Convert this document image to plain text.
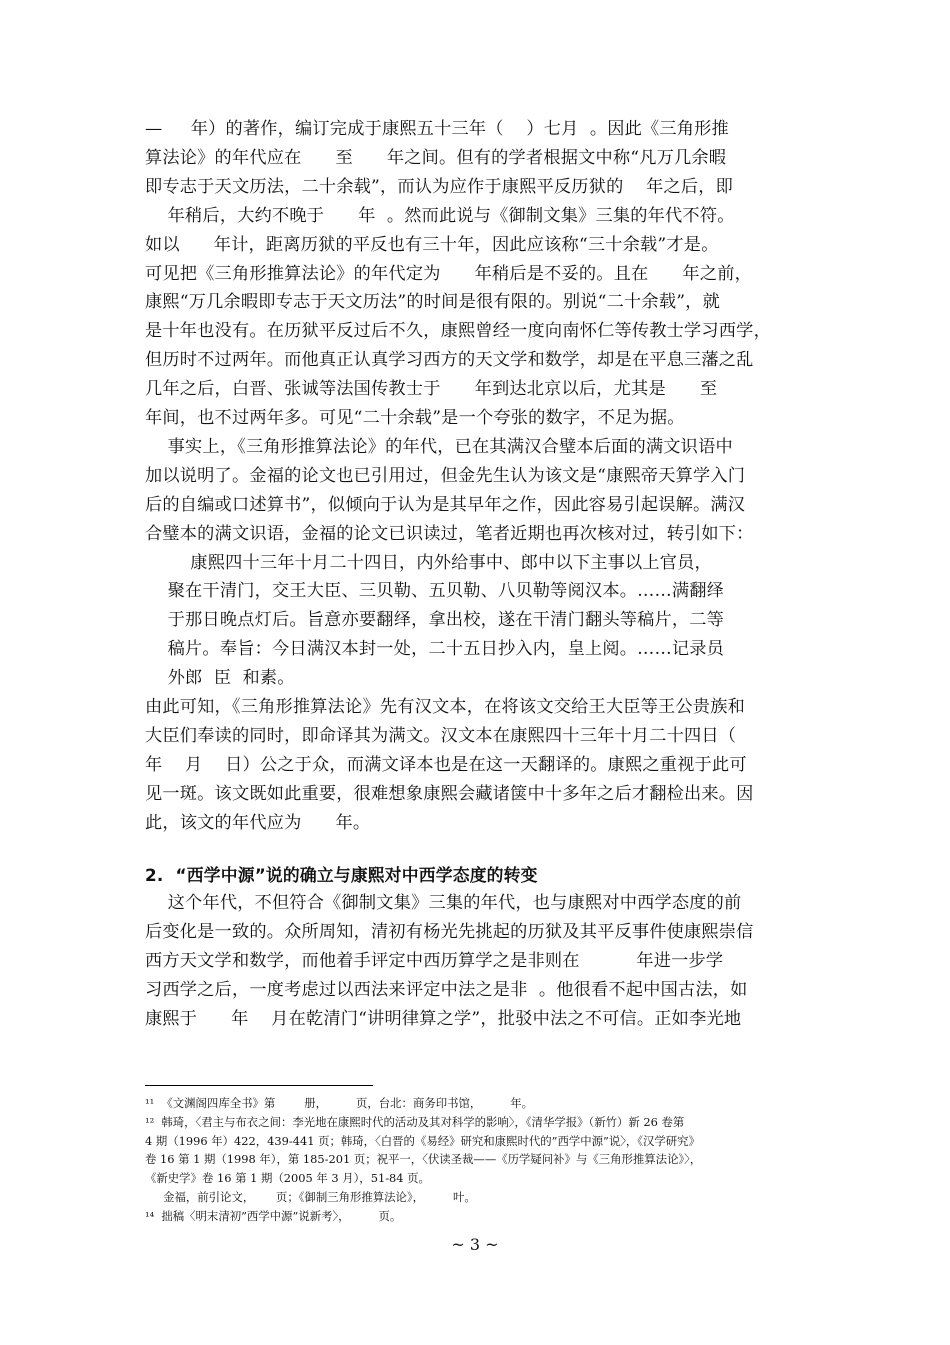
—     年）的著作，编订完成于康熙五十三年（    ）七月  。因此《三角形推
算法论》的年代应在      至      年之间。但有的学者根据文中称“凡万几余暇
即专志于天文历法，二十余载”，而认为应作于康熙平反历狱的    年之后，即
年稍后，大约不晚于      年  。然而此说与《御制文集》三集的年代不符。
如以      年计，距离历狱的平反也有三十年，因此应该称“三十余载”才是。
可见把《三角形推算法论》的年代定为      年稍后是不妥的。且在      年之前，
康熙“万几余暇即专志于天文历法”的时间是很有限的。别说“二十余载”，就
是十年也没有。在历狱平反过后不久，康熙曾经一度向南怀仁等传教士学习西学，
但历时不过两年。而他真正认真学习西方的天文学和数学，却是在平息三藩之乱
几年之后，白晋、张诚等法国传教士于      年到达北京以后，尤其是      至
年间，也不过两年多。可见“二十余载”是一个夸张的数字，不足为据。
事实上，《三角形推算法论》的年代，已在其满汉合璧本后面的满文识语中
加以说明了。金福的论文也已引用过，但金先生认为该文是“康熙帝天算学入门
后的自编或口述算书”，似倾向于认为是其早年之作，因此容易引起误解。满汉
合璧本的满文识语，金福的论文已识读过，笔者近期也再次核对过，转引如下：
康熙四十三年十月二十四日，内外给事中、郎中以下主事以上官员，
聚在干清门，交王大臣、三贝勒、五贝勒、八贝勒等阅汉本。……满翻绎
于那日晚点灯后。旨意亦要翻绎，拿出校，遂在干清门翻头等稿片，二等
稿片。奉旨：今日满汉本封一处，二十五日抄入内，皇上阅。……记录员
外郎  臣  和素。
由此可知，《三角形推算法论》先有汉文本，在将该文交给王大臣等王公贵族和
大臣们奉读的同时，即命译其为满文。汉文本在康熙四十三年十月二十四日（
年    月    日）公之于众，而满文译本也是在这一天翻译的。康熙之重视于此可
见一斑。该文既如此重要，很难想象康熙会藏诸箧中十多年之后才翻检出来。因
此，该文的年代应为      年。
2.  “西学中源”说的确立与康熙对中西学态度的转变
这个年代，不但符合《御制文集》三集的年代，也与康熙对中西学态度的前
后变化是一致的。众所周知，清初有杨光先挑起的历狱及其平反事件使康熙崇信
西方天文学和数学，而他着手评定中西历算学之是非则在          年进一步学
习西学之后，一度考虑过以西法来评定中法之是非  。他很看不起中国古法，如
康熙于      年    月在乾清门“讲明律算之学”，批驳中法之不可信。正如李光地
¹¹  《文渊阁四库全书》第        册，        页，台北：商务印书馆，        年。
¹²  韩琦，〈君主与布衣之间：李光地在康熙时代的活动及其对科学的影响〉，《清华学报》（新竹）新 26 卷第
4 期（1996 年）422，439-441 页；韩琦，〈白晋的《易经》研究和康熙时代的”西学中源”说〉，《汉学研究》
卷 16 第 1 期（1998 年），第 185-201 页；祝平一，〈伏读圣裁——《历学疑问补》与《三角形推算法论》〉，
《新史学》卷 16 第 1 期（2005 年 3 月），51-84 页。
金福，前引论文，      页；《御制三角形推算法论》，        叶。
¹⁴  拙稿〈明末清初”西学中源”说新考〉，        页。
~ 3 ~
